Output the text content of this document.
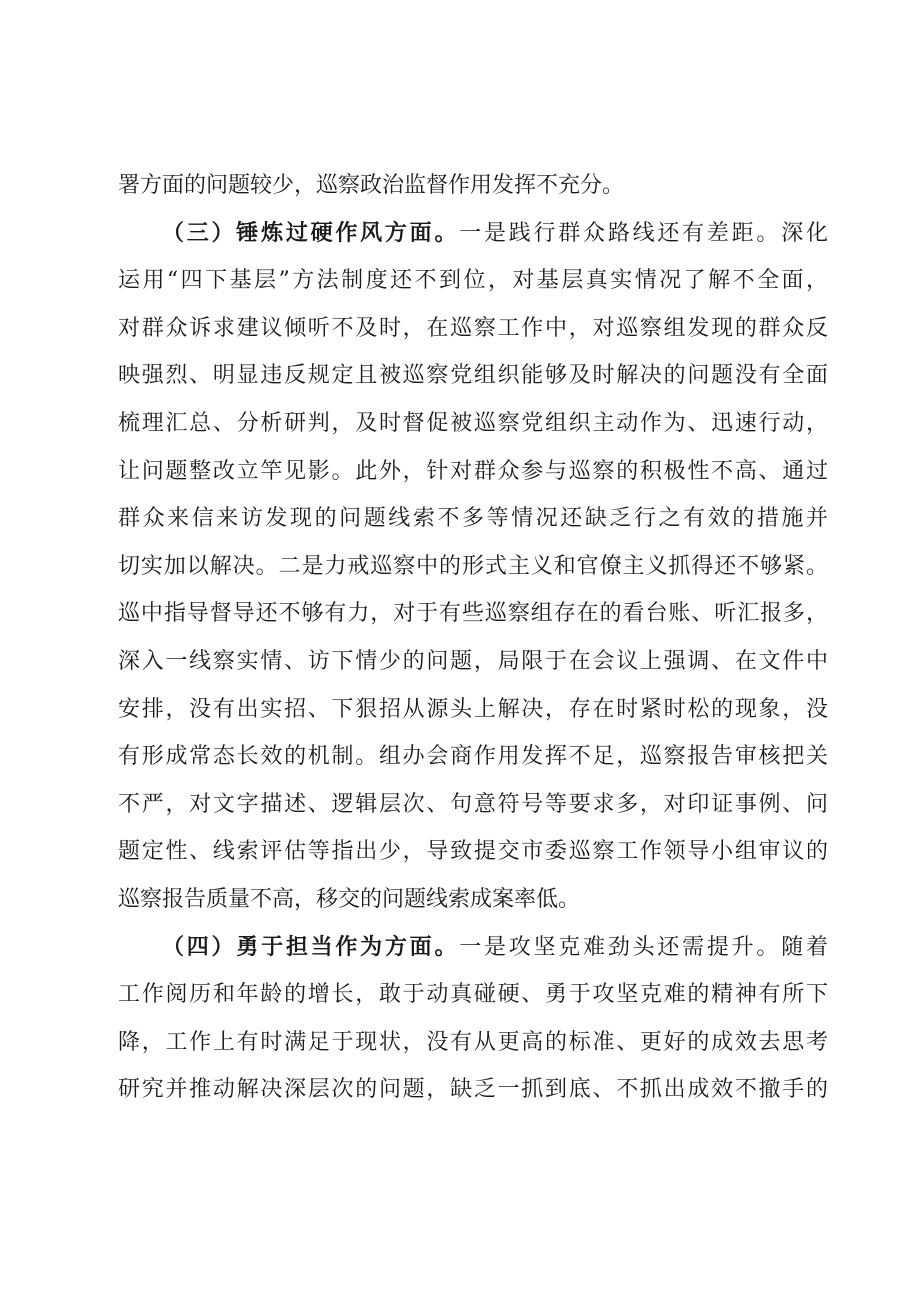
署方面的问题较少，巡察政治监督作用发挥不充分。
（三）锤炼过硬作风方面。一是践行群众路线还有差距。深化
运用“四下基层”方法制度还不到位，对基层真实情况了解不全面，
对群众诉求建议倾听不及时，在巡察工作中，对巡察组发现的群众反
映强烈、明显违反规定且被巡察党组织能够及时解决的问题没有全面
梳理汇总、分析研判，及时督促被巡察党组织主动作为、迅速行动，
让问题整改立竿见影。此外，针对群众参与巡察的积极性不高、通过
群众来信来访发现的问题线索不多等情况还缺乏行之有效的措施并
切实加以解决。二是力戒巡察中的形式主义和官僚主义抓得还不够紧。
巡中指导督导还不够有力，对于有些巡察组存在的看台账、听汇报多，
深入一线察实情、访下情少的问题，局限于在会议上强调、在文件中
安排，没有出实招、下狠招从源头上解决，存在时紧时松的现象，没
有形成常态长效的机制。组办会商作用发挥不足，巡察报告审核把关
不严，对文字描述、逻辑层次、句意符号等要求多，对印证事例、问
题定性、线索评估等指出少，导致提交市委巡察工作领导小组审议的
巡察报告质量不高，移交的问题线索成案率低。
（四）勇于担当作为方面。一是攻坚克难劲头还需提升。随着
工作阅历和年龄的增长，敢于动真碰硬、勇于攻坚克难的精神有所下
降，工作上有时满足于现状，没有从更高的标准、更好的成效去思考
研究并推动解决深层次的问题，缺乏一抓到底、不抓出成效不撤手的
